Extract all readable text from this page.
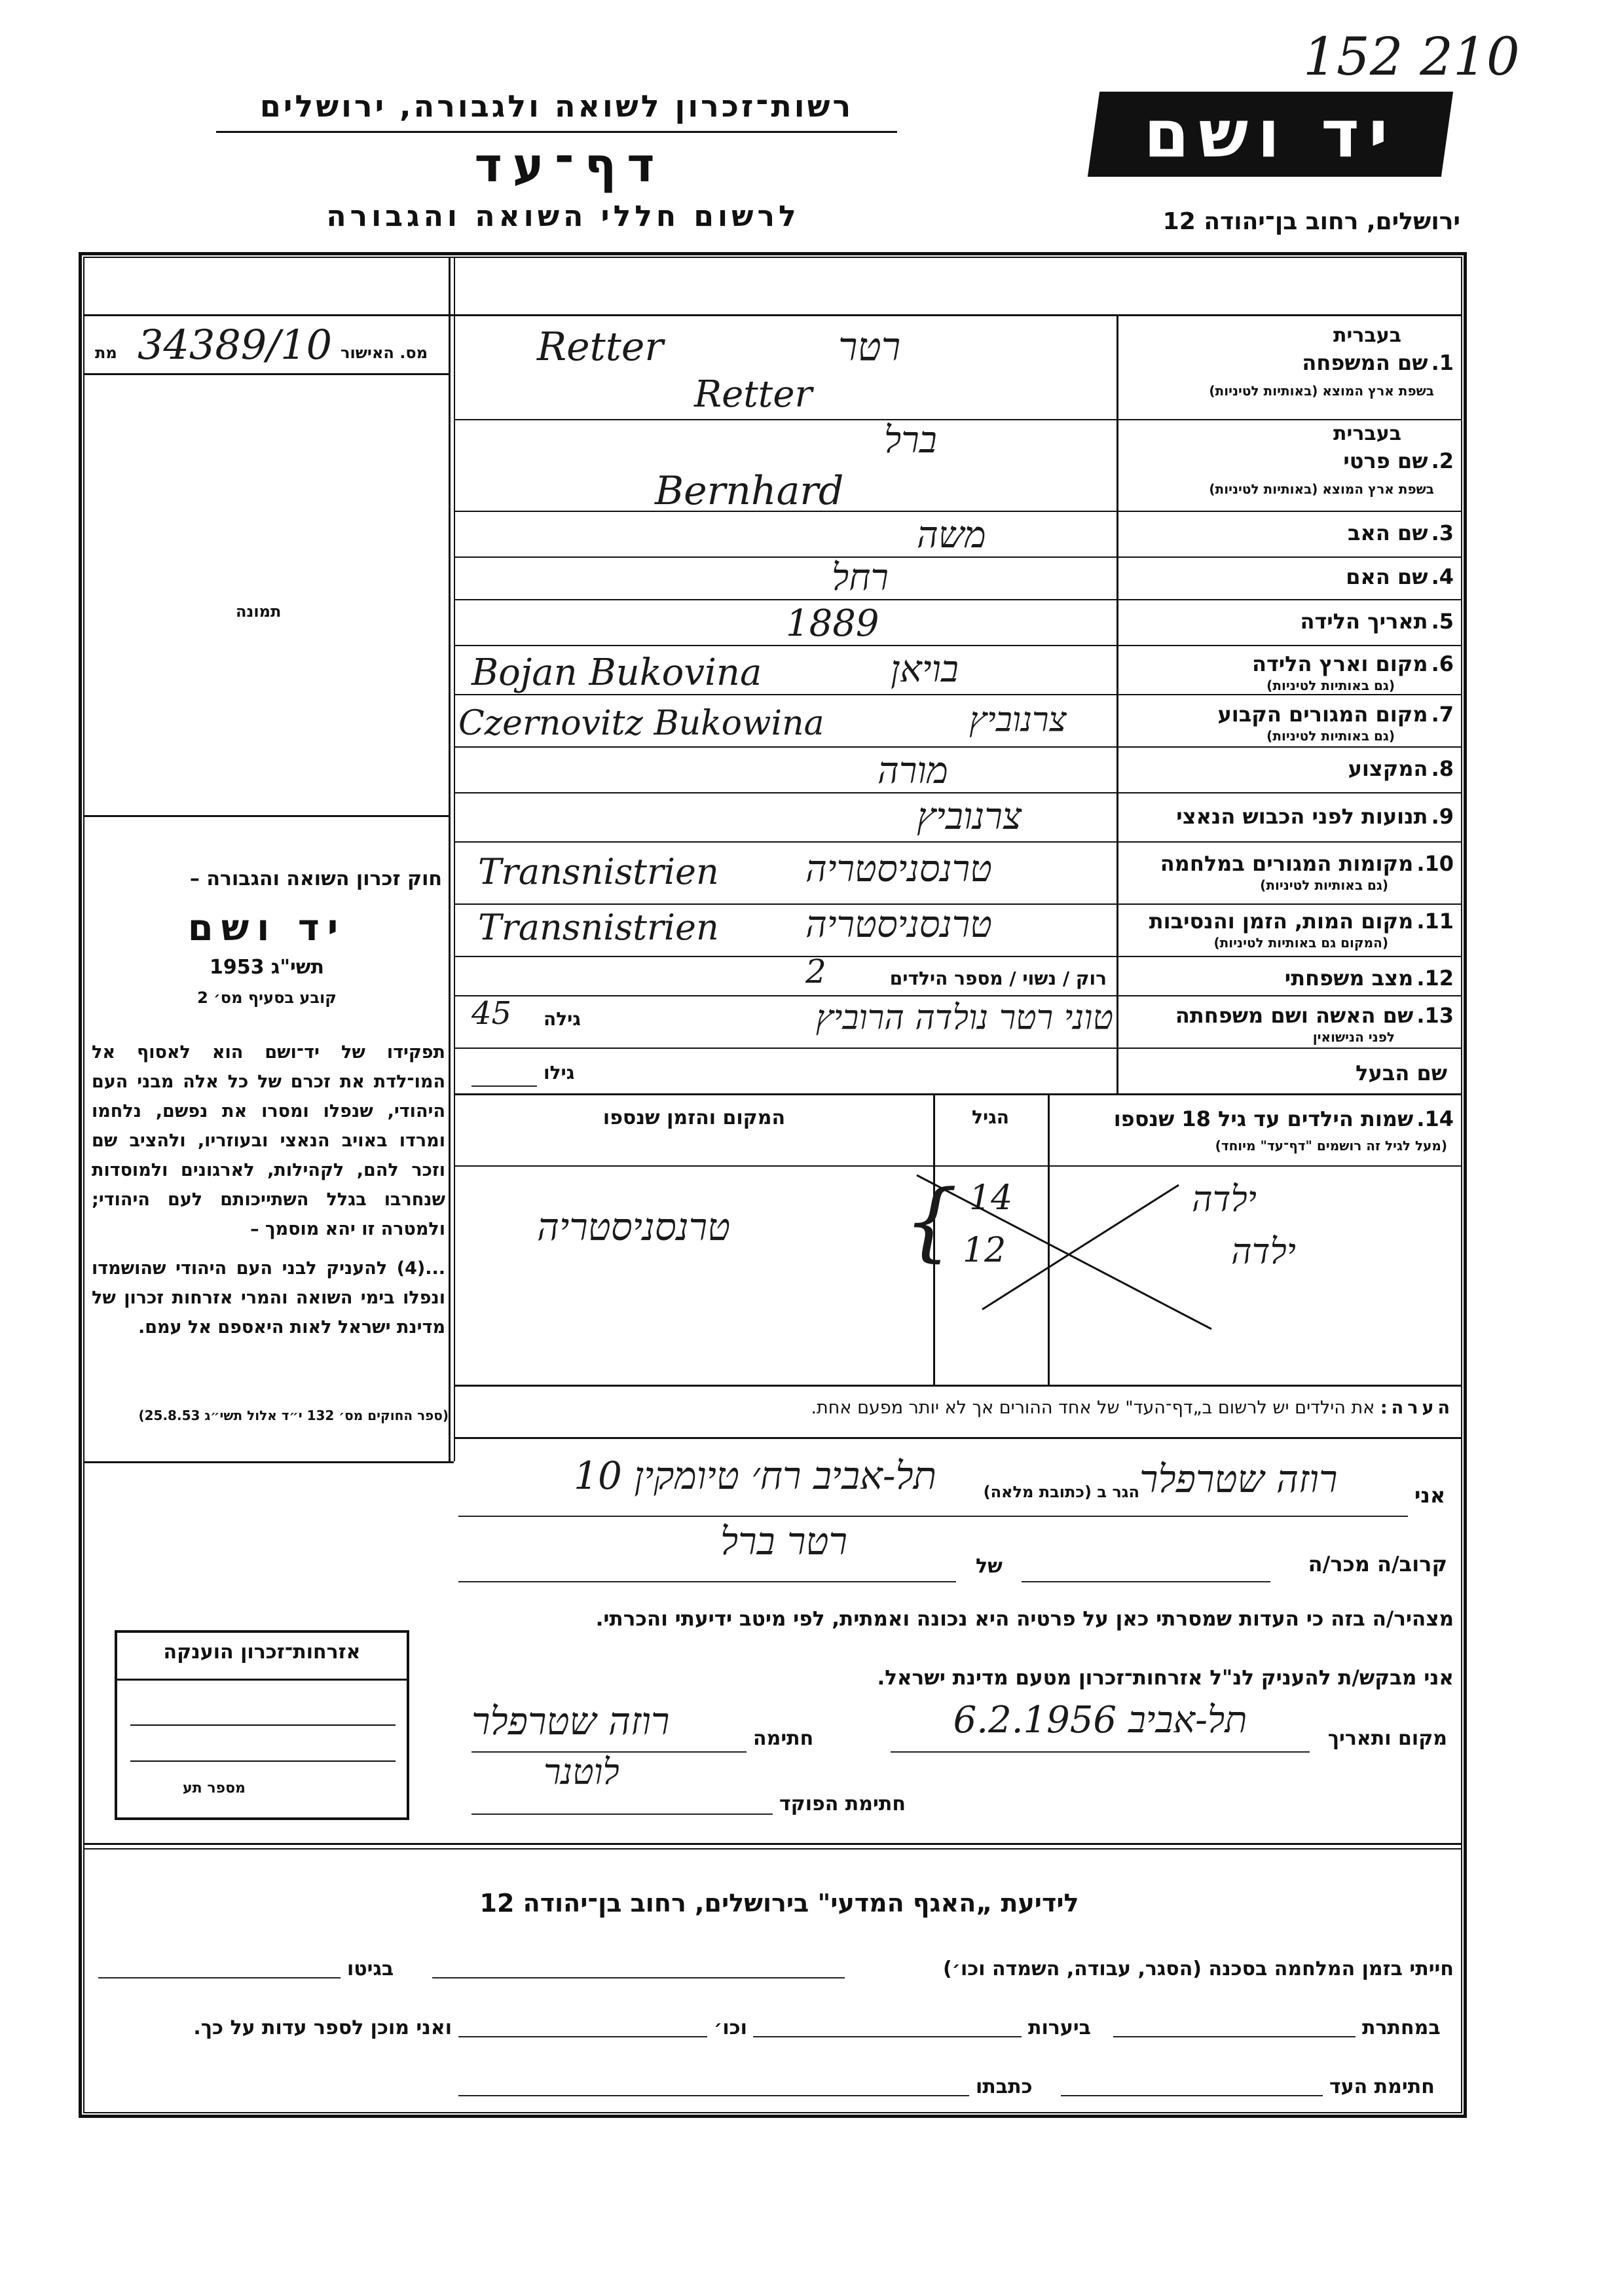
152 210
רשות־זכרון לשואה ולגבורה, ירושלים
דף־עד
לרשום חללי השואה והגבורה
יד ושם
ירושלים, רחוב בן־יהודה 12
מס. האישור
34389/10
מת
תמונה
חוק זכרון השואה והגבורה –
יד ושם
תשי"ג 1953
קובע בסעיף מס׳ 2
תפקידו של יד־ושם הוא לאסוף אל המו־לדת את זכרם של כל אלה מבני העם היהודי, שנפלו ומסרו את נפשם, נלחמו ומרדו באויב הנאצי ובעוזריו, ולהציב שם וזכר להם, לקהילות, לארגונים ולמוסדות שנחרבו בגלל השתייכותם לעם היהודי; ולמטרה זו יהא מוסמך –
...(4) להעניק לבני העם היהודי שהושמדו ונפלו בימי השואה והמרי אזרחות זכרון של מדינת ישראל לאות היאספם אל עמם.
(ספר החוקים מס׳ 132 י״ד אלול תשי״ג 25.8.53)
בעברית
1. שם המשפחה
בשפת ארץ המוצא (באותיות לטיניות)
רטר
Retter
Retter
בעברית
2. שם פרטי
בשפת ארץ המוצא (באותיות לטיניות)
ברל
Bernhard
3. שם האב
משה
4. שם האם
רחל
5. תאריך הלידה
1889
6. מקום וארץ הלידה
(גם באותיות לטיניות)
בויאן
Bojan Bukovina
7. מקום המגורים הקבוע
(גם באותיות לטיניות)
צרנוביץ
Czernovitz Bukowina
8. המקצוע
מורה
9. תנועות לפני הכבוש הנאצי
צרנוביץ
10. מקומות המגורים במלחמה
(גם באותיות לטיניות)
טרנסניסטריה
Transnistrien
11. מקום המות, הזמן והנסיבות
(המקום גם באותיות לטיניות)
טרנסניסטריה
Transnistrien
12. מצב משפחתי
רוק / נשוי / מספר הילדים
2
13. שם האשה ושם משפחתה
לפני הנישואין
טוני רטר נולדה הרוביץ
גילה
45
שם הבעל
גילו
14. שמות הילדים עד גיל 18 שנספו
(מעל לגיל זה רושמים "דף־עד" מיוחד)
הגיל
המקום והזמן שנספו
ילדה
14
ילדה
12
טרנסניסטריה {
הערה: את הילדים יש לרשום ב„דף־העד" של אחד ההורים אך לא יותר מפעם אחת.
אני
רוזה שטרפלר
הגר ב (כתובת מלאה)
תל-אביב רח׳ טיומקין 10
קרוב/ה מכר/ה
של
רטר ברל
מצהיר/ה בזה כי העדות שמסרתי כאן על פרטיה היא נכונה ואמתית, לפי מיטב ידיעתי והכרתי.
אני מבקש/ת להעניק לנ"ל אזרחות־זכרון מטעם מדינת ישראל.
מקום ותאריך
תל-אביב 6.2.1956
חתימה
רוזה שטרפלר
לוטנר
חתימת הפוקד
אזרחות־זכרון הוענקה
מספר תע
לידיעת „האגף המדעי" בירושלים, רחוב בן־יהודה 12
חייתי בזמן המלחמה בסכנה (הסגר, עבודה, השמדה וכו׳)
בגיטו
במחתרת
ביערות
וכו׳
ואני מוכן לספר עדות על כך.
חתימת העד
כתבתו
